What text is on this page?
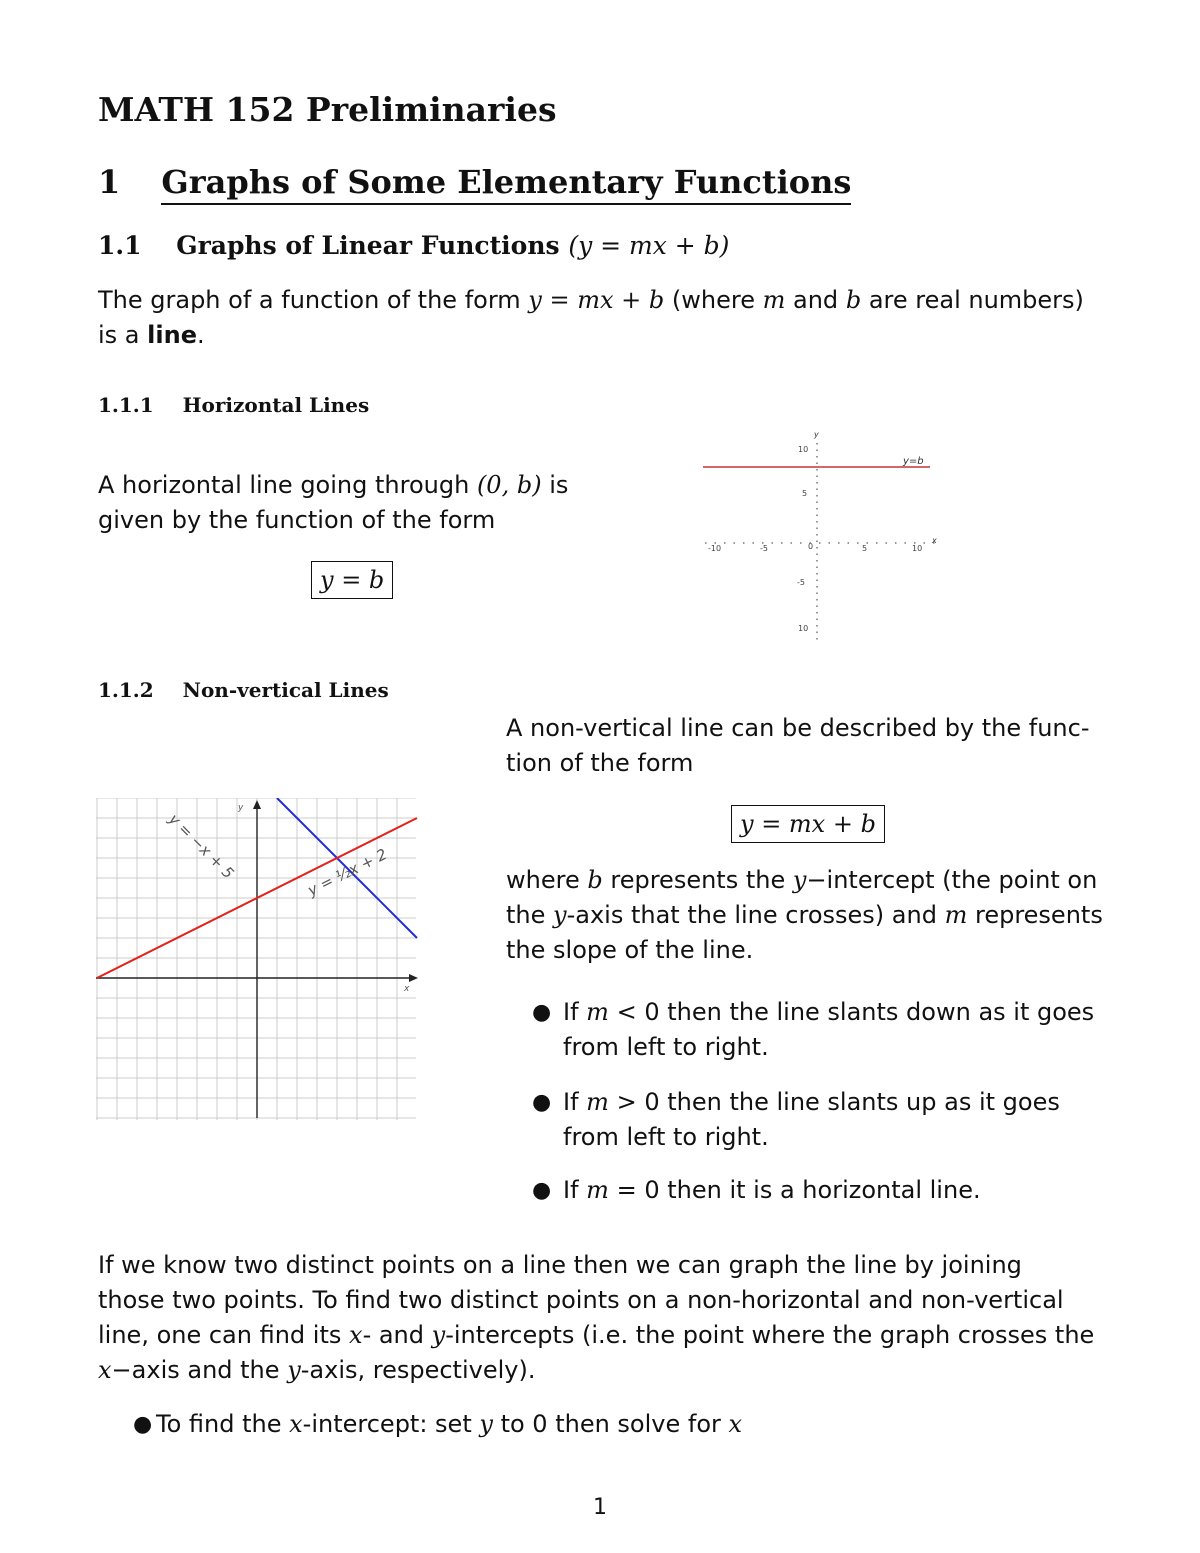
MATH 152 Preliminaries
1 Graphs of Some Elementary Functions
1.1 Graphs of Linear Functions (y = mx + b)
The graph of a function of the form y = mx + b (where m and b are real numbers)
is a line.
1.1.1 Horizontal Lines
A horizontal line going through (0, b) is
given by the function of the form
y = b
y=b
y
x
10
5
-5
10
-10	-5	0	5	10
1.1.2 Non-vertical Lines
y = −x + 5	y = ½x + 2
y
x
A non-vertical line can be described by the func-
tion of the form
y = mx + b
where b represents the y−intercept (the point on
the y-axis that the line crosses) and m represents
the slope of the line.
● If m < 0 then the line slants down as it goes
from left to right.
● If m > 0 then the line slants up as it goes
from left to right.
● If m = 0 then it is a horizontal line.
If we know two distinct points on a line then we can graph the line by joining
those two points. To find two distinct points on a non-horizontal and non-vertical
line, one can find its x- and y-intercepts (i.e. the point where the graph crosses the
x−axis and the y-axis, respectively).
● To find the x-intercept: set y to 0 then solve for x
1
